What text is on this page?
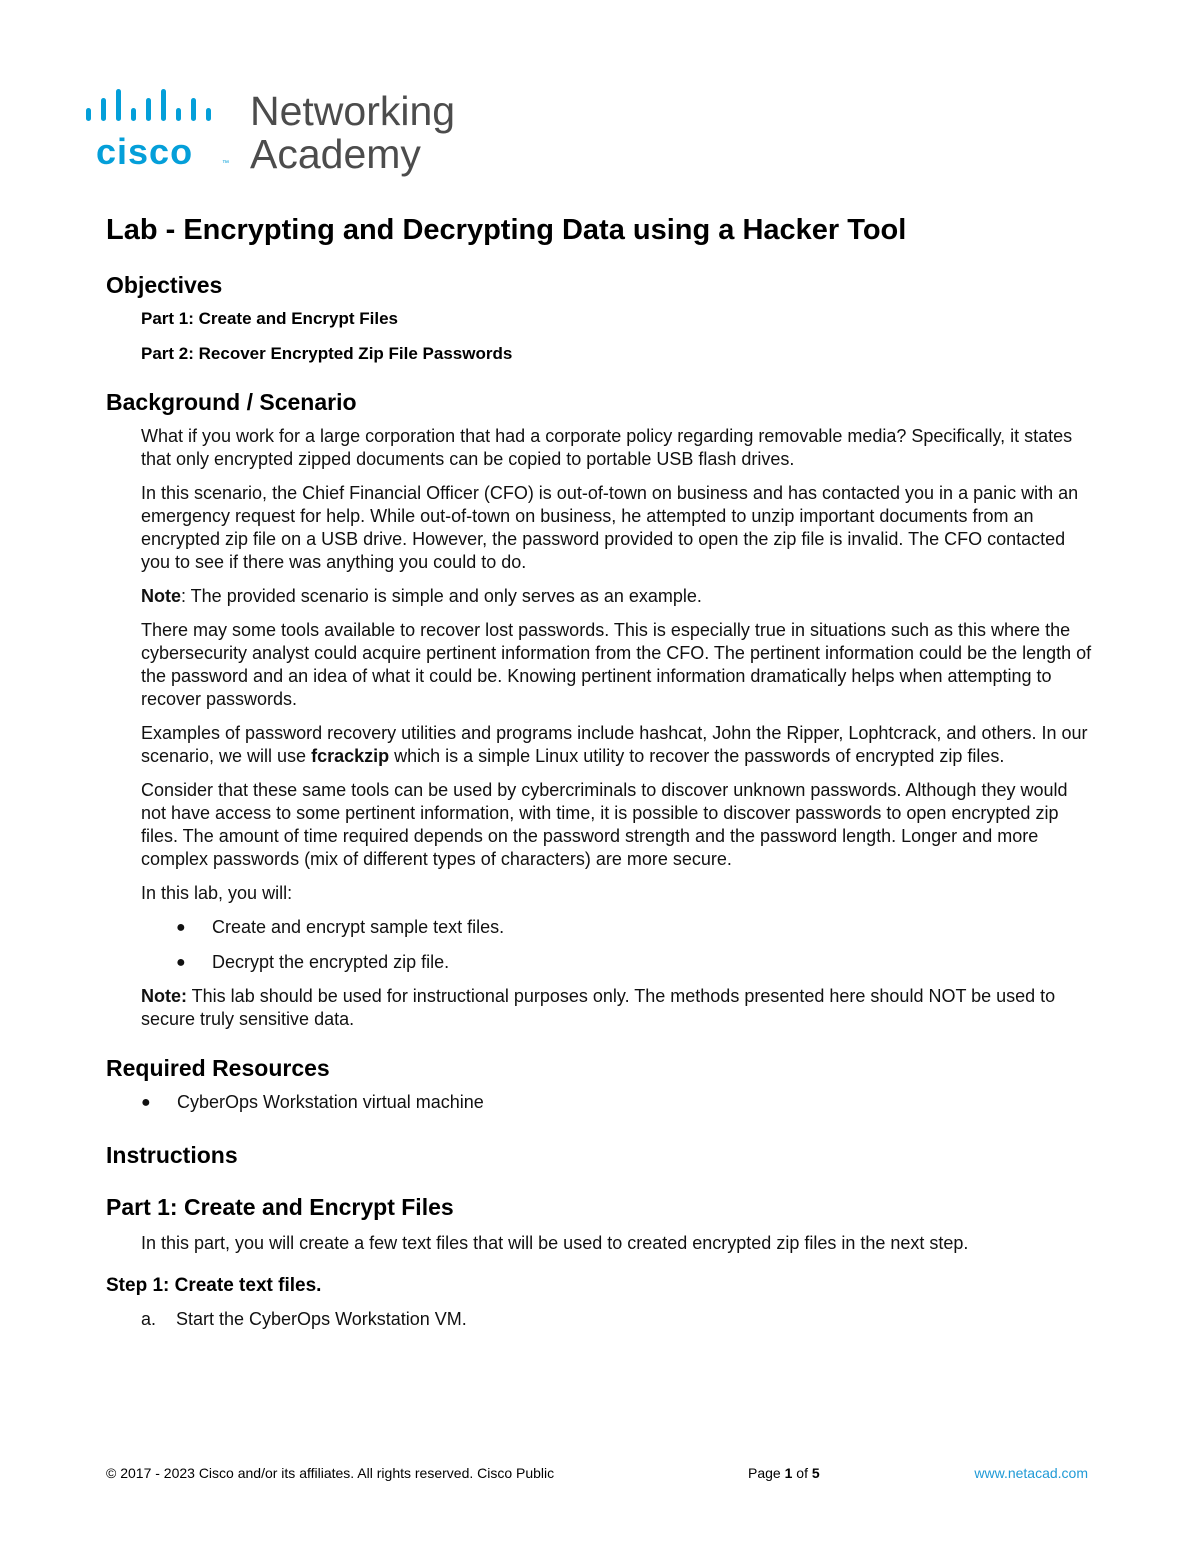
cisco	™
Networking
Academy
Lab - Encrypting and Decrypting Data using a Hacker Tool
Objectives
Part 1: Create and Encrypt Files
Part 2: Recover Encrypted Zip File Passwords
Background / Scenario

What if you work for a large corporation that had a corporate policy regarding removable media? Specifically, it states that only encrypted zipped documents can be copied to portable USB flash drives.

In this scenario, the Chief Financial Officer (CFO) is out-of-town on business and has contacted you in a panic with an emergency request for help. While out-of-town on business, he attempted to unzip important documents from an encrypted zip file on a USB drive. However, the password provided to open the zip file is invalid. The CFO contacted you to see if there was anything you could to do.

Note: The provided scenario is simple and only serves as an example.

There may some tools available to recover lost passwords. This is especially true in situations such as this where the cybersecurity analyst could acquire pertinent information from the CFO. The pertinent information could be the length of the password and an idea of what it could be. Knowing pertinent information dramatically helps when attempting to recover passwords.

Examples of password recovery utilities and programs include hashcat, John the Ripper, Lophtcrack, and others. In our scenario, we will use fcrackzip which is a simple Linux utility to recover the passwords of encrypted zip files.

Consider that these same tools can be used by cybercriminals to discover unknown passwords. Although they would not have access to some pertinent information, with time, it is possible to discover passwords to open encrypted zip files. The amount of time required depends on the password strength and the password length. Longer and more complex passwords (mix of different types of characters) are more secure.

In this lab, you will:

● Create and encrypt sample text files.
● Decrypt the encrypted zip file.

Note: This lab should be used for instructional purposes only. The methods presented here should NOT be used to secure truly sensitive data.

Required Resources
● CyberOps Workstation virtual machine
Instructions
Part 1: Create and Encrypt Files

In this part, you will create a few text files that will be used to created encrypted zip files in the next step.

Step 1: Create text files.
a. Start the CyberOps Workstation VM.
© 2017 - 2023 Cisco and/or its affiliates. All rights reserved. Cisco Public	Page 1 of 5	www.netacad.com
